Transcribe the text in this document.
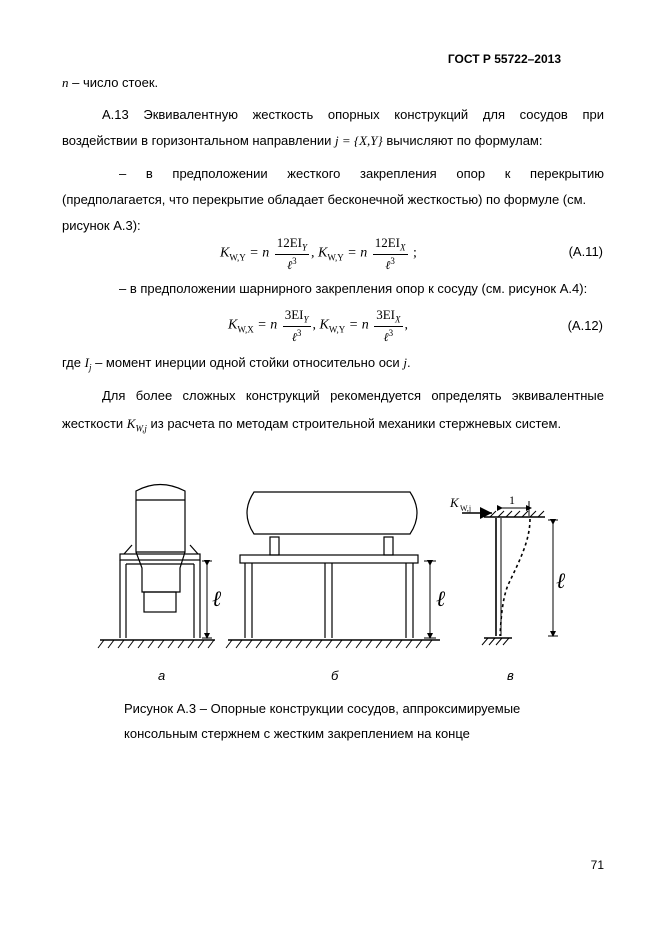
ГОСТ Р 55722–2013
n – число стоек.
А.13 Эквивалентную жесткость опорных конструкций для сосудов при
воздействии в горизонтальном направлении j = {X,Y} вычисляют по формулам:
– в предположении жесткого закрепления опор к перекрытию
(предполагается, что перекрытие обладает бесконечной жесткостью) по формуле (см.
рисунок А.3):
$K_{W,Y} = n \frac{12EI_Y}{\ell^3}$ , $K_{W,Y} = n \frac{12EI_X}{\ell^3}$ ;	(А.11)
– в предположении шарнирного закрепления опор к сосуду (см. рисунок А.4):
$K_{W,X} = n \frac{3EI_Y}{\ell^3}$ , $K_{W,Y} = n \frac{3EI_X}{\ell^3}$ ,	(А.12)
где $I_j$ – момент инерции одной стойки относительно оси j.
Для более сложных конструкций рекомендуется определять эквивалентные
жесткости $K_{W,j}$ из расчета по методам строительной механики стержневых систем.
ℓ	ℓ
K W,j
1
ℓ
а	б	в
Рисунок А.3 – Опорные конструкции сосудов, аппроксимируемые
консольным стержнем с жестким закреплением на конце
71
